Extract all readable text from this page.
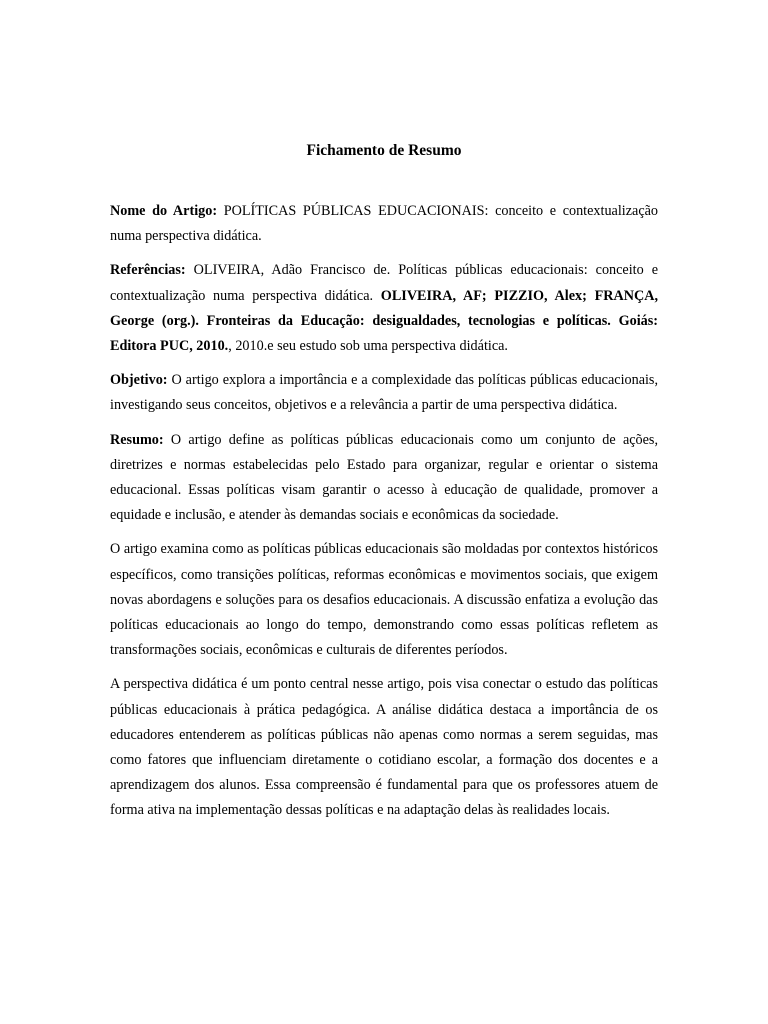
Fichamento de Resumo

Nome do Artigo: POLÍTICAS PÚBLICAS EDUCACIONAIS: conceito e contextualização numa perspectiva didática.

Referências: OLIVEIRA, Adão Francisco de. Políticas públicas educacionais: conceito e contextualização numa perspectiva didática. OLIVEIRA, AF; PIZZIO, Alex; FRANÇA, George (org.). Fronteiras da Educação: desigualdades, tecnologias e políticas. Goiás: Editora PUC, 2010., 2010.e seu estudo sob uma perspectiva didática.

Objetivo: O artigo explora a importância e a complexidade das políticas públicas educacionais, investigando seus conceitos, objetivos e a relevância a partir de uma perspectiva didática.

Resumo: O artigo define as políticas públicas educacionais como um conjunto de ações, diretrizes e normas estabelecidas pelo Estado para organizar, regular e orientar o sistema educacional. Essas políticas visam garantir o acesso à educação de qualidade, promover a equidade e inclusão, e atender às demandas sociais e econômicas da sociedade.

O artigo examina como as políticas públicas educacionais são moldadas por contextos históricos específicos, como transições políticas, reformas econômicas e movimentos sociais, que exigem novas abordagens e soluções para os desafios educacionais. A discussão enfatiza a evolução das políticas educacionais ao longo do tempo, demonstrando como essas políticas refletem as transformações sociais, econômicas e culturais de diferentes períodos.

A perspectiva didática é um ponto central nesse artigo, pois visa conectar o estudo das políticas públicas educacionais à prática pedagógica. A análise didática destaca a importância de os educadores entenderem as políticas públicas não apenas como normas a serem seguidas, mas como fatores que influenciam diretamente o cotidiano escolar, a formação dos docentes e a aprendizagem dos alunos. Essa compreensão é fundamental para que os professores atuem de forma ativa na implementação dessas políticas e na adaptação delas às realidades locais.
